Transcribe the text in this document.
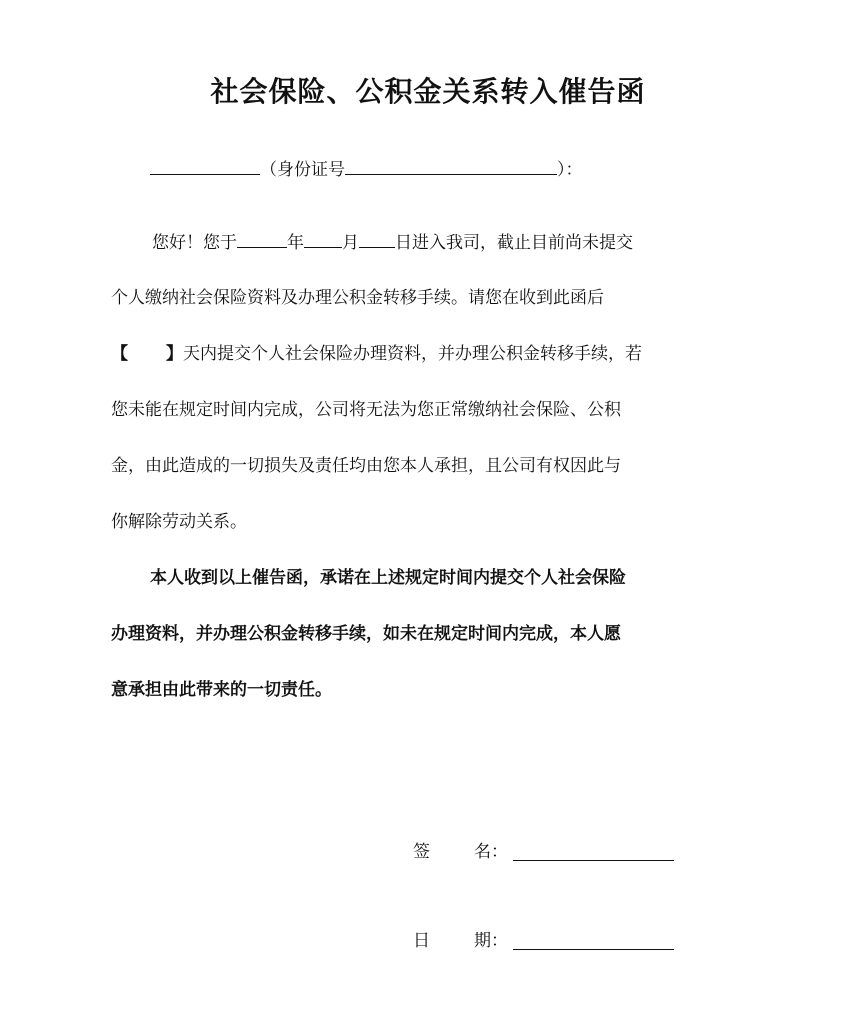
社会保险、公积金关系转入催告函
（身份证号	）：
您好！您于	年 月 日进入我司，截止目前尚未提交
个人缴纳社会保险资料及办理公积金转移手续。请您在收到此函后
【 】天内提交个人社会保险办理资料，并办理公积金转移手续，若
您未能在规定时间内完成，公司将无法为您正常缴纳社会保险、公积
金，由此造成的一切损失及责任均由您本人承担，且公司有权因此与
你解除劳动关系。
本人收到以上催告函，承诺在上述规定时间内提交个人社会保险
办理资料，并办理公积金转移手续，如未在规定时间内完成，本人愿
意承担由此带来的一切责任。
签	名：
日	期：
